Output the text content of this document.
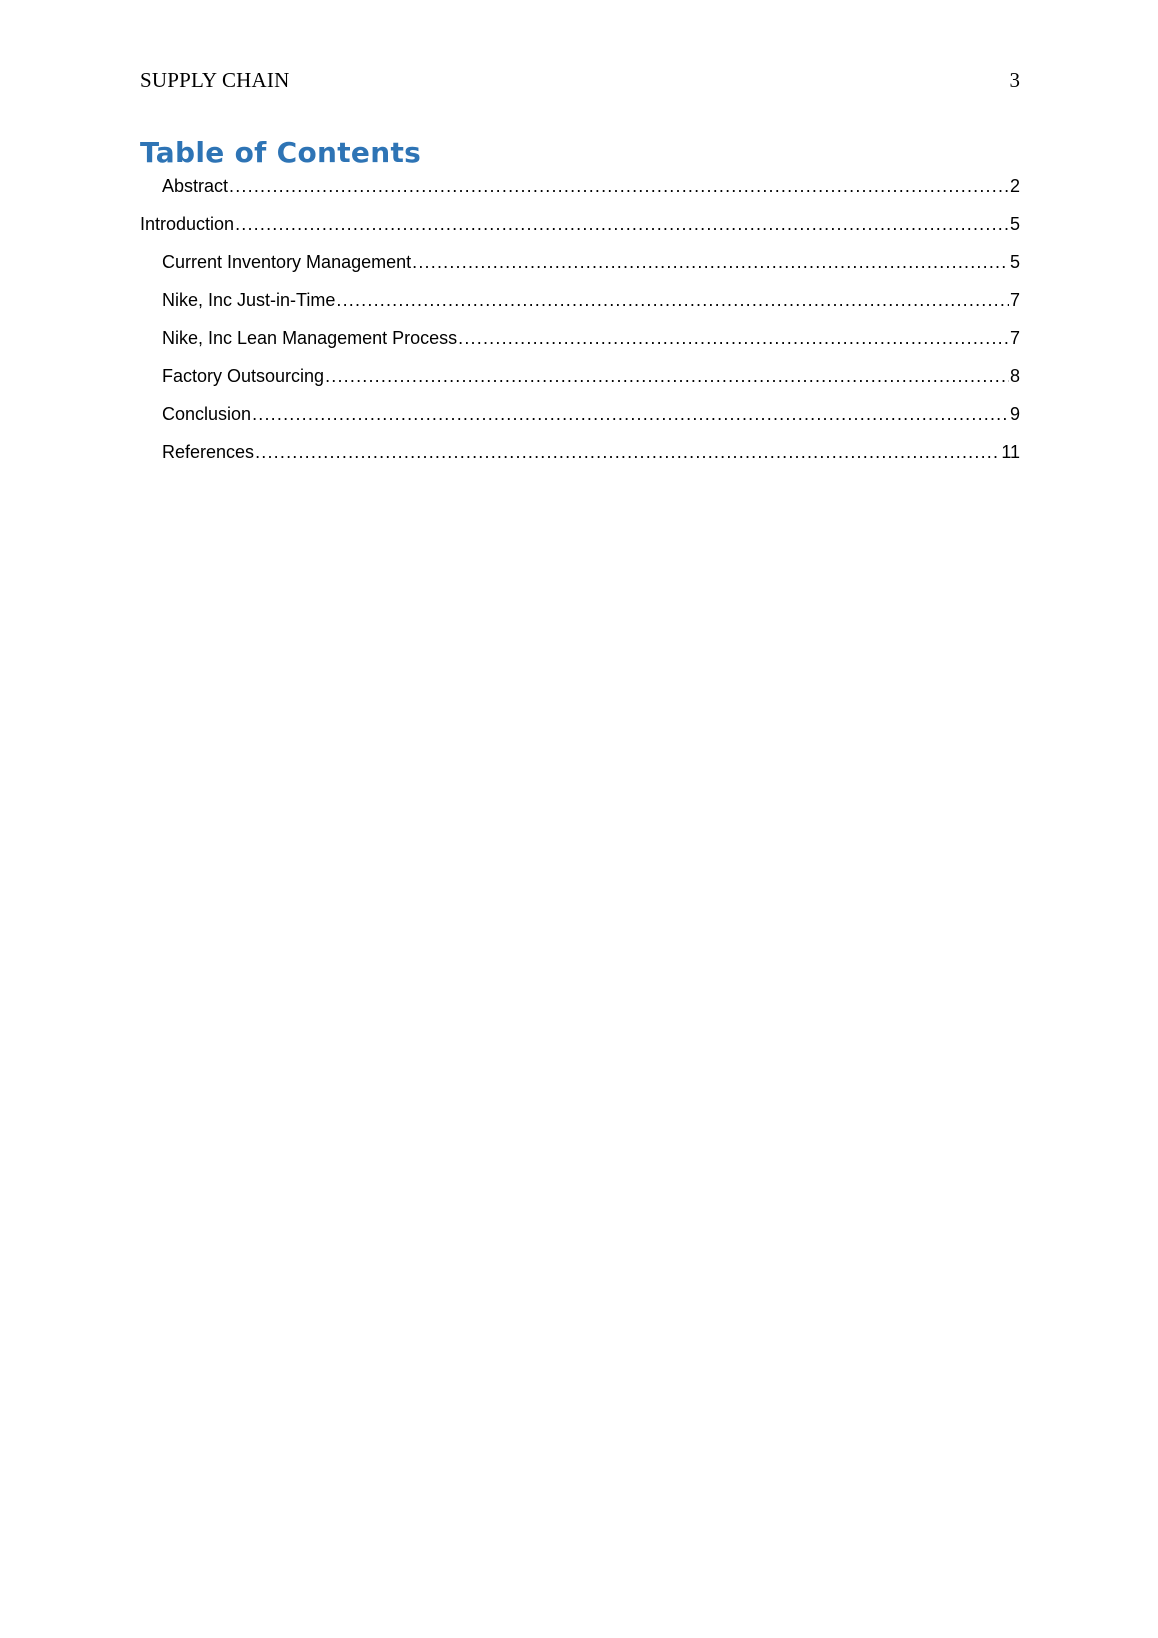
SUPPLY CHAIN	3
Table of Contents
Abstract .....	2
Introduction .....	5
Current Inventory Management .....	5
Nike, Inc Just-in-Time .....	7
Nike, Inc Lean Management Process .....	7
Factory Outsourcing .....	8
Conclusion .....	9
References .....	11
